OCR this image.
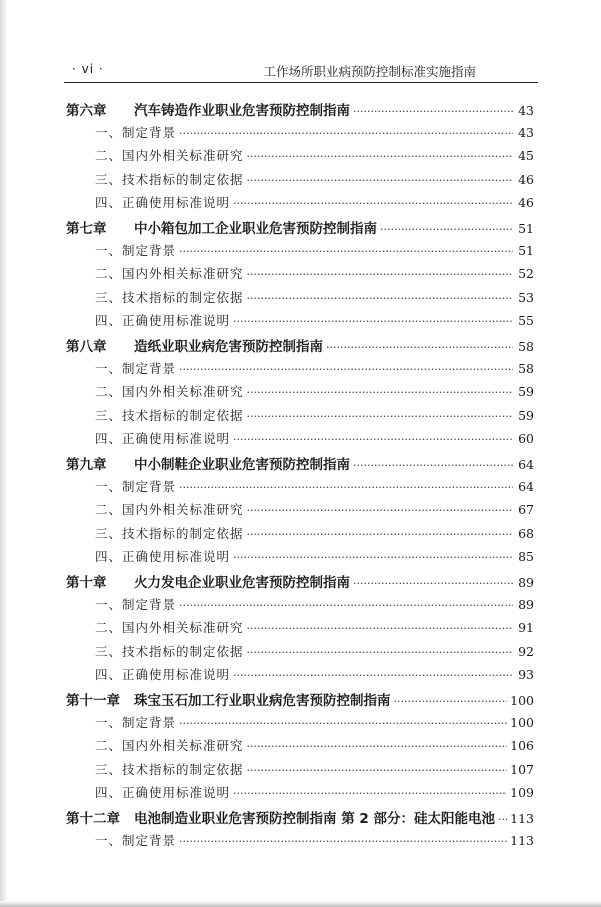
· vi ·	工作场所职业病预防控制标准实施指南
第六章	汽车铸造作业职业危害预防控制指南 ·····	43
一、制定背景 ·····	43
二、国内外相关标准研究 ·····	45
三、技术指标的制定依据 ·····	46
四、正确使用标准说明 ·····	46
第七章	中小箱包加工企业职业危害预防控制指南 ·····	51
一、制定背景 ·····	51
二、国内外相关标准研究 ·····	52
三、技术指标的制定依据 ·····	53
四、正确使用标准说明 ·····	55
第八章	造纸业职业病危害预防控制指南 ·····	58
一、制定背景 ·····	58
二、国内外相关标准研究 ·····	59
三、技术指标的制定依据 ·····	59
四、正确使用标准说明 ·····	60
第九章	中小制鞋企业职业危害预防控制指南 ·····	64
一、制定背景 ·····	64
二、国内外相关标准研究 ·····	67
三、技术指标的制定依据 ·····	68
四、正确使用标准说明 ·····	85
第十章	火力发电企业职业危害预防控制指南 ·····	89
一、制定背景 ·····	89
二、国内外相关标准研究 ·····	91
三、技术指标的制定依据 ·····	92
四、正确使用标准说明 ·····	93
第十一章	珠宝玉石加工行业职业病危害预防控制指南 ·····	100
一、制定背景 ·····	100
二、国内外相关标准研究 ·····	106
三、技术指标的制定依据 ·····	107
四、正确使用标准说明 ·····	109
第十二章	电池制造业职业危害预防控制指南 第 2 部分：硅太阳能电池 ····· 113
一、制定背景 ·····	113
